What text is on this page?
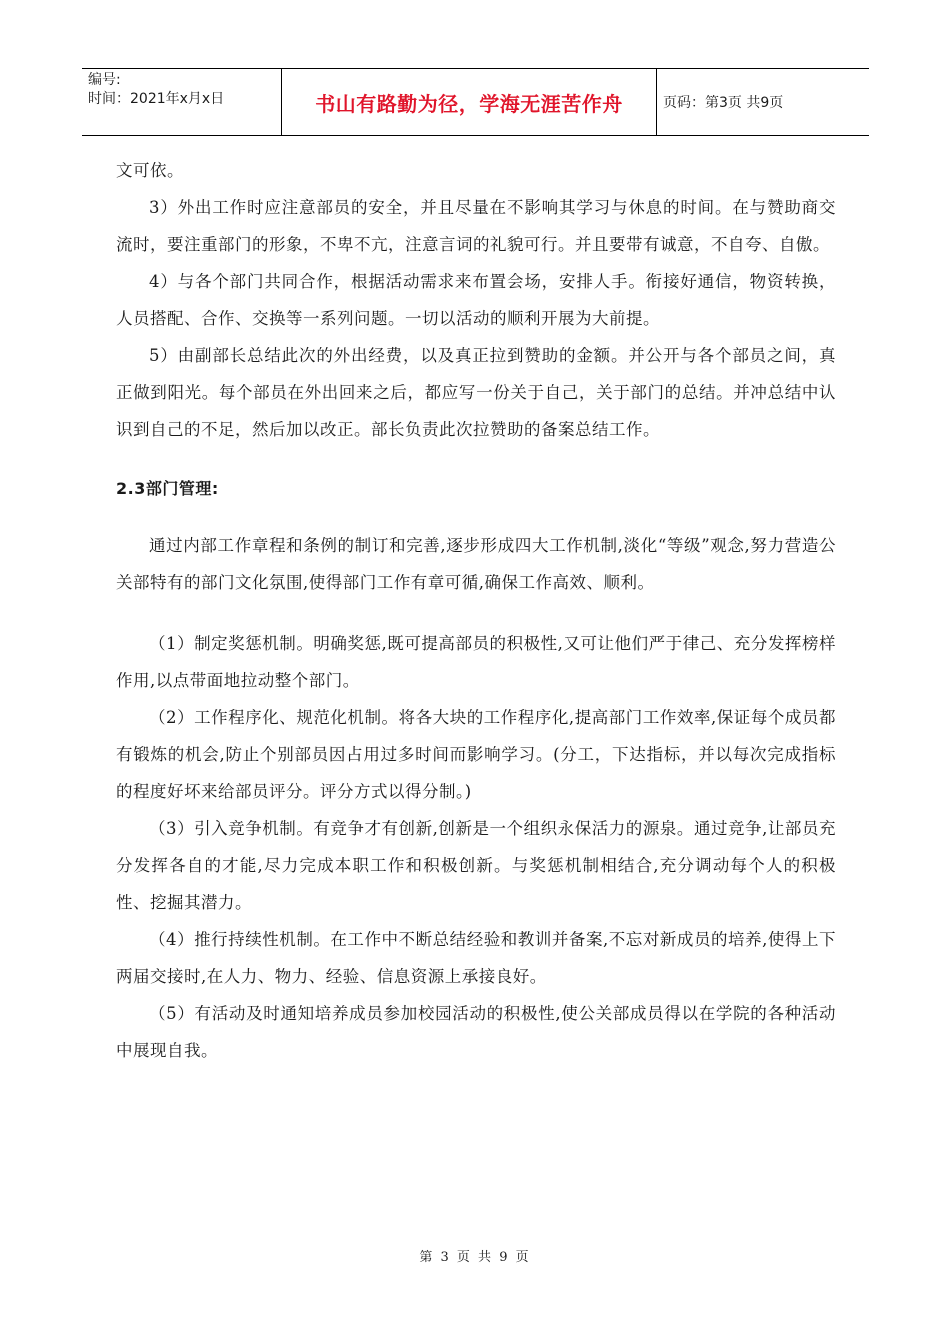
编号:
时间：2021年x月x日	书山有路勤为径，学海无涯苦作舟	页码：第3页 共9页

文可依。

3）外出工作时应注意部员的安全，并且尽量在不影响其学习与休息的时间。在与赞助商交流时，要注重部门的形象，不卑不亢，注意言词的礼貌可行。并且要带有诚意，不自夸、自傲。

4）与各个部门共同合作，根据活动需求来布置会场，安排人手。衔接好通信，物资转换，人员搭配、合作、交换等一系列问题。一切以活动的顺利开展为大前提。

5）由副部长总结此次的外出经费，以及真正拉到赞助的金额。并公开与各个部员之间，真正做到阳光。每个部员在外出回来之后，都应写一份关于自己，关于部门的总结。并冲总结中认识到自己的不足，然后加以改正。部长负责此次拉赞助的备案总结工作。

2.3部门管理:

通过内部工作章程和条例的制订和完善,逐步形成四大工作机制,淡化“等级”观念,努力营造公关部特有的部门文化氛围,使得部门工作有章可循,确保工作高效、顺利。

（1）制定奖惩机制。明确奖惩,既可提高部员的积极性,又可让他们严于律己、充分发挥榜样作用,以点带面地拉动整个部门。

（2）工作程序化、规范化机制。将各大块的工作程序化,提高部门工作效率,保证每个成员都有锻炼的机会,防止个别部员因占用过多时间而影响学习。(分工，下达指标，并以每次完成指标的程度好坏来给部员评分。评分方式以得分制。)

（3）引入竞争机制。有竞争才有创新,创新是一个组织永保活力的源泉。通过竞争,让部员充分发挥各自的才能,尽力完成本职工作和积极创新。与奖惩机制相结合,充分调动每个人的积极性、挖掘其潜力。

（4）推行持续性机制。在工作中不断总结经验和教训并备案,不忘对新成员的培养,使得上下两届交接时,在人力、物力、经验、信息资源上承接良好。

（5）有活动及时通知培养成员参加校园活动的积极性,使公关部成员得以在学院的各种活动中展现自我。

第 3 页 共 9 页
